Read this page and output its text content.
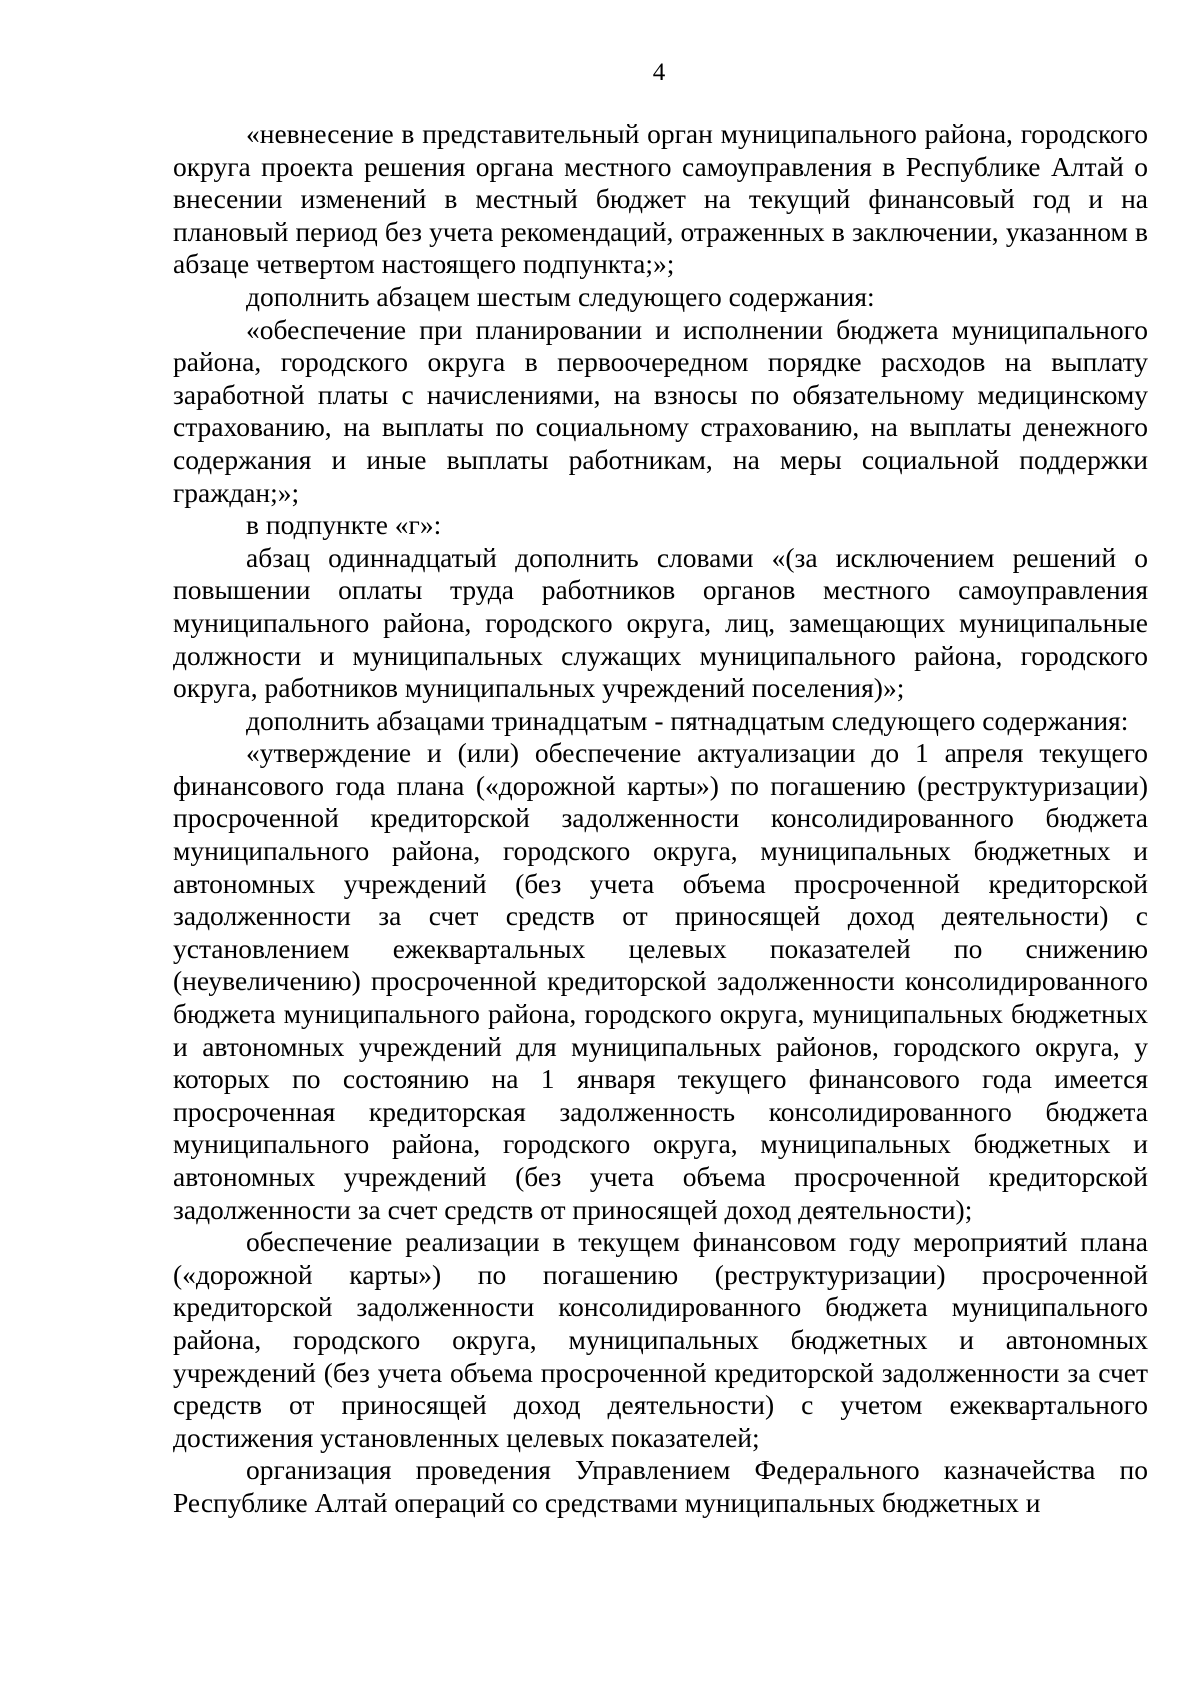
4

«невнесение в представительный орган муниципального района, городского округа проекта решения органа местного самоуправления в Республике Алтай о внесении изменений в местный бюджет на текущий финансовый год и на плановый период без учета рекомендаций, отраженных в заключении, указанном в абзаце четвертом настоящего подпункта;»;

дополнить абзацем шестым следующего содержания:

«обеспечение при планировании и исполнении бюджета муниципального района, городского округа в первоочередном порядке расходов на выплату заработной платы с начислениями, на взносы по обязательному медицинскому страхованию, на выплаты по социальному страхованию, на выплаты денежного содержания и иные выплаты работникам, на меры социальной поддержки граждан;»;

в подпункте «г»:

абзац одиннадцатый дополнить словами «(за исключением решений о повышении оплаты труда работников органов местного самоуправления муниципального района, городского округа, лиц, замещающих муниципальные должности и муниципальных служащих муниципального района, городского округа, работников муниципальных учреждений поселения)»;

дополнить абзацами тринадцатым - пятнадцатым следующего содержания:

«утверждение и (или) обеспечение актуализации до 1 апреля текущего финансового года плана («дорожной карты») по погашению (реструктуризации) просроченной кредиторской задолженности консолидированного бюджета муниципального района, городского округа, муниципальных бюджетных и автономных учреждений (без учета объема просроченной кредиторской задолженности за счет средств от приносящей доход деятельности) с установлением ежеквартальных целевых показателей по снижению (неувеличению) просроченной кредиторской задолженности консолидированного бюджета муниципального района, городского округа, муниципальных бюджетных и автономных учреждений для муниципальных районов, городского округа, у которых по состоянию на 1 января текущего финансового года имеется просроченная кредиторская задолженность консолидированного бюджета муниципального района, городского округа, муниципальных бюджетных и автономных учреждений (без учета объема просроченной кредиторской задолженности за счет средств от приносящей доход деятельности);

обеспечение реализации в текущем финансовом году мероприятий плана («дорожной карты») по погашению (реструктуризации) просроченной кредиторской задолженности консолидированного бюджета муниципального района, городского округа, муниципальных бюджетных и автономных учреждений (без учета объема просроченной кредиторской задолженности за счет средств от приносящей доход деятельности) с учетом ежеквартального достижения установленных целевых показателей;

организация проведения Управлением Федерального казначейства по Республике Алтай операций со средствами муниципальных бюджетных и
